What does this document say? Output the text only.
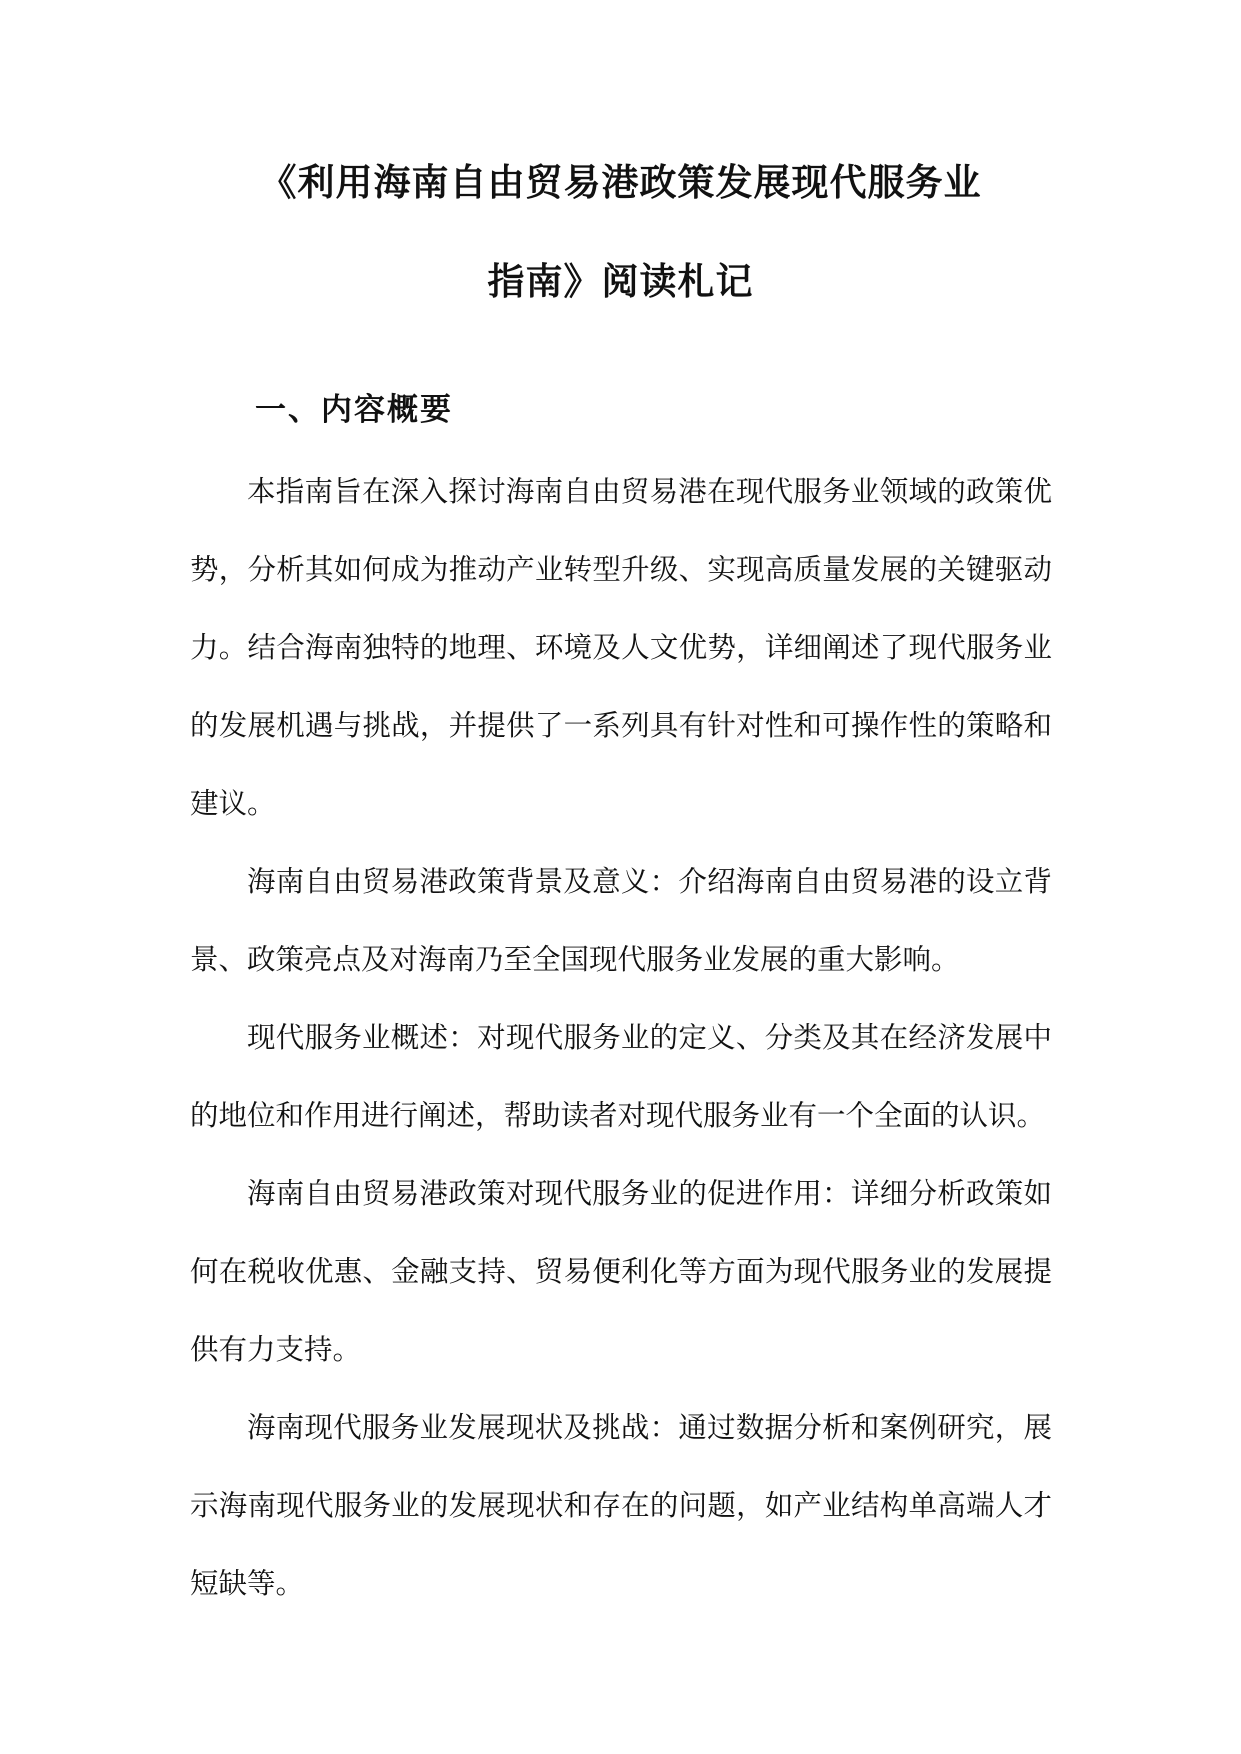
《利用海南自由贸易港政策发展现代服务业
指南》阅读札记
一、内容概要

本指南旨在深入探讨海南自由贸易港在现代服务业领域的政策优势，分析其如何成为推动产业转型升级、实现高质量发展的关键驱动力。结合海南独特的地理、环境及人文优势，详细阐述了现代服务业的发展机遇与挑战，并提供了一系列具有针对性和可操作性的策略和建议。

海南自由贸易港政策背景及意义：介绍海南自由贸易港的设立背景、政策亮点及对海南乃至全国现代服务业发展的重大影响。

现代服务业概述：对现代服务业的定义、分类及其在经济发展中的地位和作用进行阐述，帮助读者对现代服务业有一个全面的认识。

海南自由贸易港政策对现代服务业的促进作用：详细分析政策如何在税收优惠、金融支持、贸易便利化等方面为现代服务业的发展提供有力支持。

海南现代服务业发展现状及挑战：通过数据分析和案例研究，展示海南现代服务业的发展现状和存在的问题，如产业结构单高端人才短缺等。
